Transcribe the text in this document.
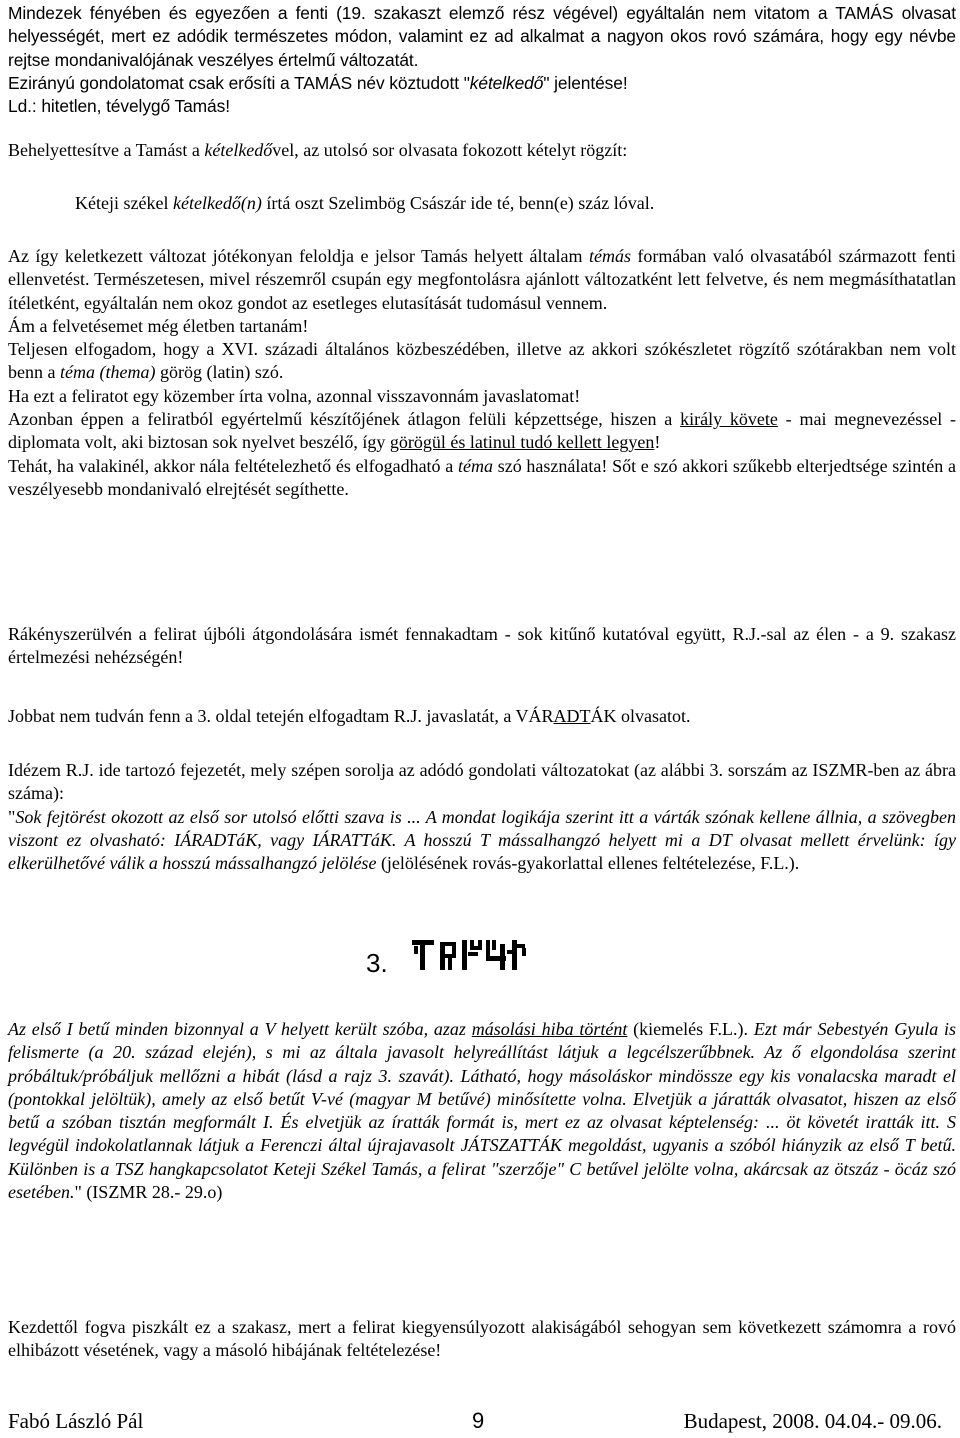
Mindezek fényében és egyezően a fenti (19. szakaszt elemző rész végével) egyáltalán nem vitatom a TAMÁS olvasat helyességét, mert ez adódik természetes módon, valamint ez ad alkalmat a nagyon okos rovó számára, hogy egy névbe rejtse mondanivalójának veszélyes értelmű változatát.
Ezirányú gondolatomat csak erősíti a TAMÁS név köztudott "kételkedő" jelentése!
Ld.: hitetlen, tévelygő Tamás!
Behelyettesítve a Tamást a kételkedővel, az utolsó sor olvasata fokozott kételyt rögzít:
Kéteji székel kételkedő(n) írtá oszt Szelimbög Császár ide té, benn(e) száz lóval.
Az így keletkezett változat jótékonyan feloldja e jelsor Tamás helyett általam témás formában való olvasatából származott fenti ellenvetést. Természetesen, mivel részemről csupán egy megfontolásra ajánlott változatként lett felvetve, és nem megmásíthatatlan ítéletként, egyáltalán nem okoz gondot az esetleges elutasítását tudomásul vennem.
Ám a felvetésemet még életben tartanám!
Teljesen elfogadom, hogy a XVI. századi általános közbeszédében, illetve az akkori szókészletet rögzítő szótárakban nem volt benn a téma (thema) görög (latin) szó.
Ha ezt a feliratot egy közember írta volna, azonnal visszavonnám javaslatomat!
Azonban éppen a feliratból egyértelmű készítőjének átlagon felüli képzettsége, hiszen a király követe - mai megnevezéssel - diplomata volt, aki biztosan sok nyelvet beszélő, így görögül és latinul tudó kellett legyen!
Tehát, ha valakinél, akkor nála feltételezhető és elfogadható a téma szó használata! Sőt e szó akkori szűkebb elterjedtsége szintén a veszélyesebb mondanivaló elrejtését segíthette.
Rákényszerülvén a felirat újbóli átgondolására ismét fennakadtam - sok kitűnő kutatóval együtt, R.J.-sal az élen - a 9. szakasz értelmezési nehézségén!
Jobbat nem tudván fenn a 3. oldal tetején elfogadtam R.J. javaslatát, a VÁRADTÁK olvasatot.
Idézem R.J. ide tartozó fejezetét, mely szépen sorolja az adódó gondolati változatokat (az alábbi 3. sorszám az ISZMR-ben az ábra száma):
"Sok fejtörést okozott az első sor utolsó előtti szava is ... A mondat logikája szerint itt a várták szónak kellene állnia, a szövegben viszont ez olvasható: IÁRADTáK, vagy IÁRATTáK. A hosszú T mássalhangzó helyett mi a DT olvasat mellett érvelünk: így elkerülhetővé válik a hosszú mássalhangzó jelölése (jelölésének rovás-gyakorlattal ellenes feltételezése, F.L.).
3.
Az első I betű minden bizonnyal a V helyett került szóba, azaz másolási hiba történt (kiemelés F.L.). Ezt már Sebestyén Gyula is felismerte (a 20. század elején), s mi az általa javasolt helyreállítást látjuk a legcélszerűbbnek. Az ő elgondolása szerint próbáltuk/próbáljuk mellőzni a hibát (lásd a rajz 3. szavát). Látható, hogy másoláskor mindössze egy kis vonalacska maradt el (pontokkal jelöltük), amely az első betűt V-vé (magyar M betűvé) minősítette volna. Elvetjük a járatták olvasatot, hiszen az első betű a szóban tisztán megformált I. És elvetjük az íratták formát is, mert ez az olvasat képtelenség: ... öt követét iratták itt. S legvégül indokolatlannak látjuk a Ferenczi által újrajavasolt JÁTSZATTÁK megoldást, ugyanis a szóból hiányzik az első T betű. Különben is a TSZ hangkapcsolatot Keteji Székel Tamás, a felirat "szerzője" C betűvel jelölte volna, akárcsak az ötszáz - öcáz szó esetében." (ISZMR 28.- 29.o)
Kezdettől fogva piszkált ez a szakasz, mert a felirat kiegyensúlyozott alakiságából sehogyan sem következett számomra a rovó elhibázott vésetének, vagy a másoló hibájának feltételezése!
Fabó László Pál	9	Budapest, 2008. 04.04.- 09.06.
